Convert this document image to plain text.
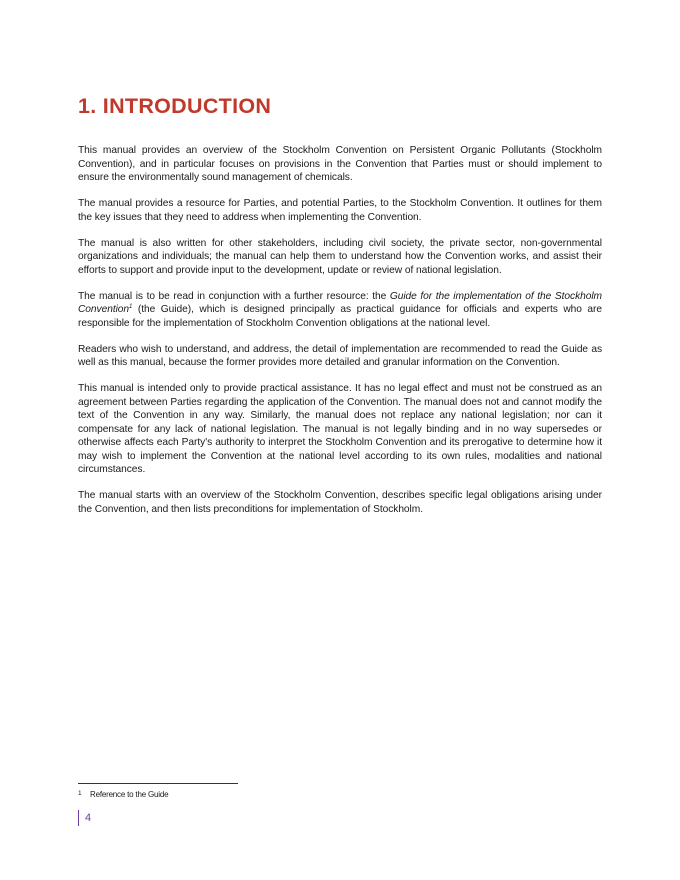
1. INTRODUCTION

This manual provides an overview of the Stockholm Convention on Persistent Organic Pollutants (Stockholm Convention), and in particular focuses on provisions in the Convention that Parties must or should implement to ensure the environmentally sound management of chemicals.

The manual provides a resource for Parties, and potential Parties, to the Stockholm Convention. It outlines for them the key issues that they need to address when implementing the Convention.

The manual is also written for other stakeholders, including civil society, the private sector, non-governmental organizations and individuals; the manual can help them to understand how the Convention works, and assist their efforts to support and provide input to the development, update or review of national legislation.

The manual is to be read in conjunction with a further resource: the Guide for the implementation of the Stockholm Convention$^1$ (the Guide), which is designed principally as practical guidance for officials and experts who are responsible for the implementation of Stockholm Convention obligations at the national level.

Readers who wish to understand, and address, the detail of implementation are recommended to read the Guide as well as this manual, because the former provides more detailed and granular information on the Convention.

This manual is intended only to provide practical assistance. It has no legal effect and must not be construed as an agreement between Parties regarding the application of the Convention. The manual does not and cannot modify the text of the Convention in any way. Similarly, the manual does not replace any national legislation; nor can it compensate for any lack of national legislation. The manual is not legally binding and in no way supersedes or otherwise affects each Party's authority to interpret the Stockholm Convention and its prerogative to determine how it may wish to implement the Convention at the national level according to its own rules, modalities and national circumstances.

The manual starts with an overview of the Stockholm Convention, describes specific legal obligations arising under the Convention, and then lists preconditions for implementation of Stockholm.

1 Reference to the Guide
4
